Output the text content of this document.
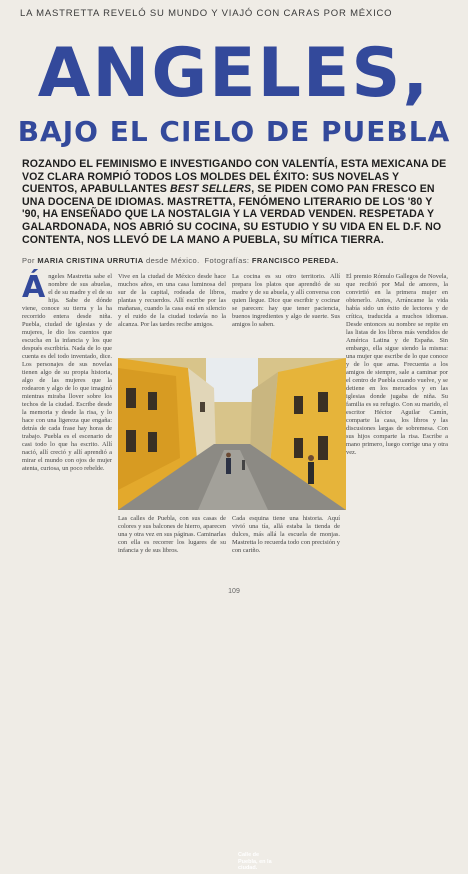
LA MASTRETTA REVELÓ SU MUNDO Y VIAJÓ CON CARAS POR MÉXICO
ANGELES,
BAJO EL CIELO DE PUEBLA
ROZANDO EL FEMINISMO E INVESTIGANDO CON VALENTÍA, ESTA MEXICANA DE VOZ CLARA ROMPIÓ TODOS LOS MOLDES DEL ÉXITO: SUS NOVELAS Y CUENTOS, APABULLANTES BEST SELLERS, SE PIDEN COMO PAN FRESCO EN UNA DOCENA DE IDIOMAS. MASTRETTA, FENÓMENO LITERARIO DE LOS '80 Y '90, HA ENSEÑADO QUE LA NOSTALGIA Y LA VERDAD VENDEN. RESPETADA Y GALARDONADA, NOS ABRIÓ SU COCINA, SU ESTUDIO Y SU VIDA EN EL D.F. NO CONTENTA, NOS LLEVÓ DE LA MANO A PUEBLA, SU MÍTICA TIERRA.
Por MARIA CRISTINA URRUTIA desde México. Fotografías: FRANCISCO PEREDA.
Ángeles Mastretta sabe el nombre de sus abuelas, el de su madre y el de su hija. Sabe de dónde viene, conoce su tierra y la ha recorrido entera desde niña. Puebla, ciudad de iglesias y de mujeres, le dio los cuentos que escucha en la infancia y los que después escribiría. Nada de lo que cuenta es del todo inventado, dice. Los personajes de sus novelas tienen algo de su propia historia, algo de las mujeres que la rodearon y algo de lo que imaginó mientras miraba llover sobre los techos de la ciudad. Escribe desde la memoria y desde la risa, y lo hace con una ligereza que engaña: detrás de cada frase hay horas de trabajo. Puebla es el escenario de casi todo lo que ha escrito. Allí nació, allí creció y allí aprendió a mirar el mundo con ojos de mujer atenta, curiosa, un poco rebelde.
Vive en la ciudad de México desde hace muchos años, en una casa luminosa del sur de la capital, rodeada de libros, plantas y recuerdos. Allí escribe por las mañanas, cuando la casa está en silencio y el ruido de la ciudad todavía no la alcanza. Por las tardes recibe amigos.
La cocina es su otro territorio. Allí prepara los platos que aprendió de su madre y de su abuela, y allí conversa con quien llegue. Dice que escribir y cocinar se parecen: hay que tener paciencia, buenos ingredientes y algo de suerte. Sus amigos lo saben.
El premio Rómulo Gallegos de Novela, que recibió por Mal de amores, la convirtió en la primera mujer en obtenerlo. Antes, Arráncame la vida había sido un éxito de lectores y de crítica, traducida a muchos idiomas. Desde entonces su nombre se repite en las listas de los libros más vendidos de América Latina y de España. Sin embargo, ella sigue siendo la misma: una mujer que escribe de lo que conoce y de lo que ama. Frecuenta a los amigos de siempre, sale a caminar por el centro de Puebla cuando vuelve, y se detiene en los mercados y en las iglesias donde jugaba de niña. Su familia es su refugio. Con su marido, el escritor Héctor Aguilar Camín, comparte la casa, los libros y las discusiones largas de sobremesa. Con sus hijos comparte la risa. Escribe a mano primero, luego corrige una y otra vez.
Calle de Puebla, en la ciudad.
Las calles de Puebla, con sus casas de colores y sus balcones de hierro, aparecen una y otra vez en sus páginas. Caminarlas con ella es recorrer los lugares de su infancia y de sus libros.
Cada esquina tiene una historia. Aquí vivió una tía, allá estaba la tienda de dulces, más allá la escuela de monjas. Mastretta lo recuerda todo con precisión y con cariño.
109
